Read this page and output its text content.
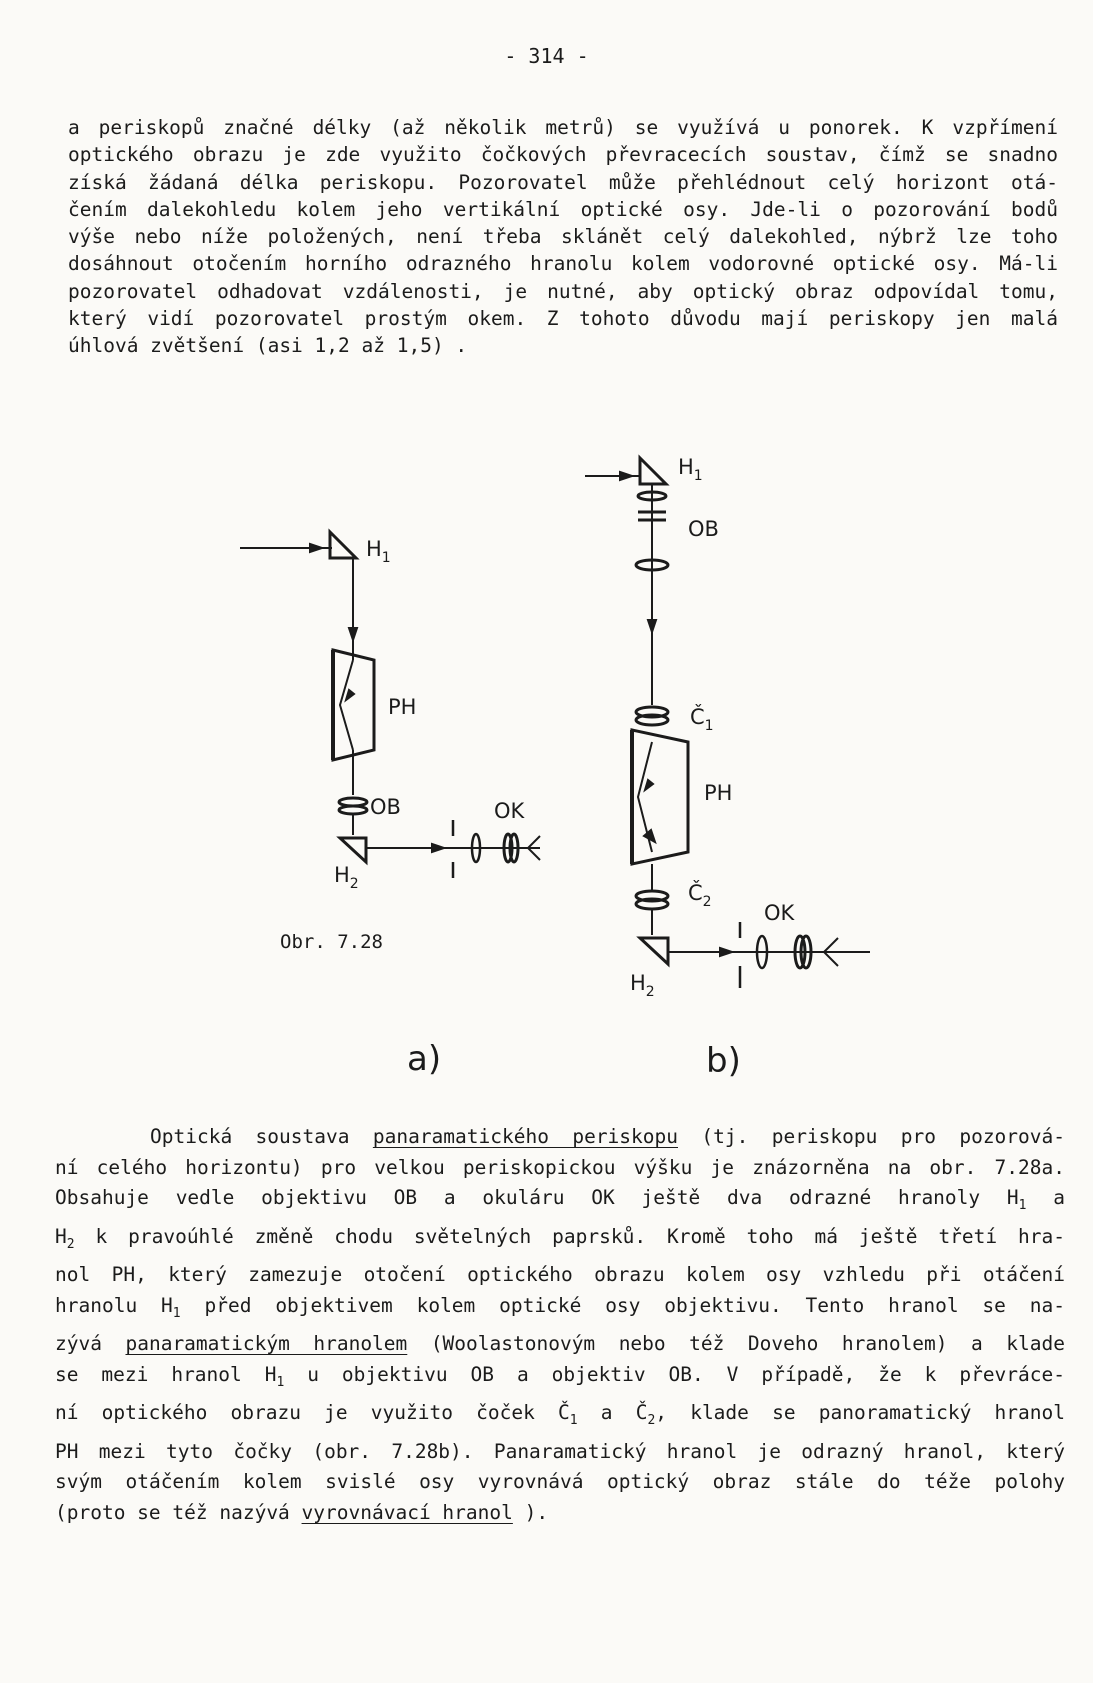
- 314 -
a periskopů značné délky (až několik metrů) se využívá u ponorek. K vzpřímení
optického obrazu je zde využito čočkových převracecích soustav, čímž se snadno
získá žádaná délka periskopu. Pozorovatel může přehlédnout celý horizont otá-
čením dalekohledu kolem jeho vertikální optické osy. Jde-li o pozorování bodů
výše nebo níže položených, není třeba sklánět celý dalekohled, nýbrž lze toho
dosáhnout otočením horního odrazného hranolu kolem vodorovné optické osy. Má-li
pozorovatel odhadovat vzdálenosti, je nutné, aby optický obraz odpovídal tomu,
který vidí pozorovatel prostým okem. Z tohoto důvodu mají periskopy jen malá
úhlová zvětšení (asi 1,2 až 1,5) .
$H_1$
PH
OB	OK
$H_2$
Obr. 7.28
a)
$H_1$
OB
$Č_1$
PH
$Č_2$ OK
$H_2$
b)
Optická soustava panaramatického periskopu (tj. periskopu pro pozorová-
ní celého horizontu) pro velkou periskopickou výšku je znázorněna na obr. 7.28a.
Obsahuje vedle objektivu OB a okuláru OK ještě dva odrazné hranoly $H_1$ a
$H_2$ k pravoúhlé změně chodu světelných paprsků. Kromě toho má ještě třetí hra-
nol PH, který zamezuje otočení optického obrazu kolem osy vzhledu při otáčení
hranolu $H_1$ před objektivem kolem optické osy objektivu. Tento hranol se na-
zývá panaramatickým hranolem (Woolastonovým nebo též Doveho hranolem) a klade
se mezi hranol $H_1$ u objektivu OB a objektiv OB. V případě, že k převráce-
ní optického obrazu je využito čoček $Č_1$ a $Č_2$, klade se panoramatický hranol
PH mezi tyto čočky (obr. 7.28b). Panaramatický hranol je odrazný hranol, který
svým otáčením kolem svislé osy vyrovnává optický obraz stále do téže polohy
(proto se též nazývá vyrovnávací hranol ).
